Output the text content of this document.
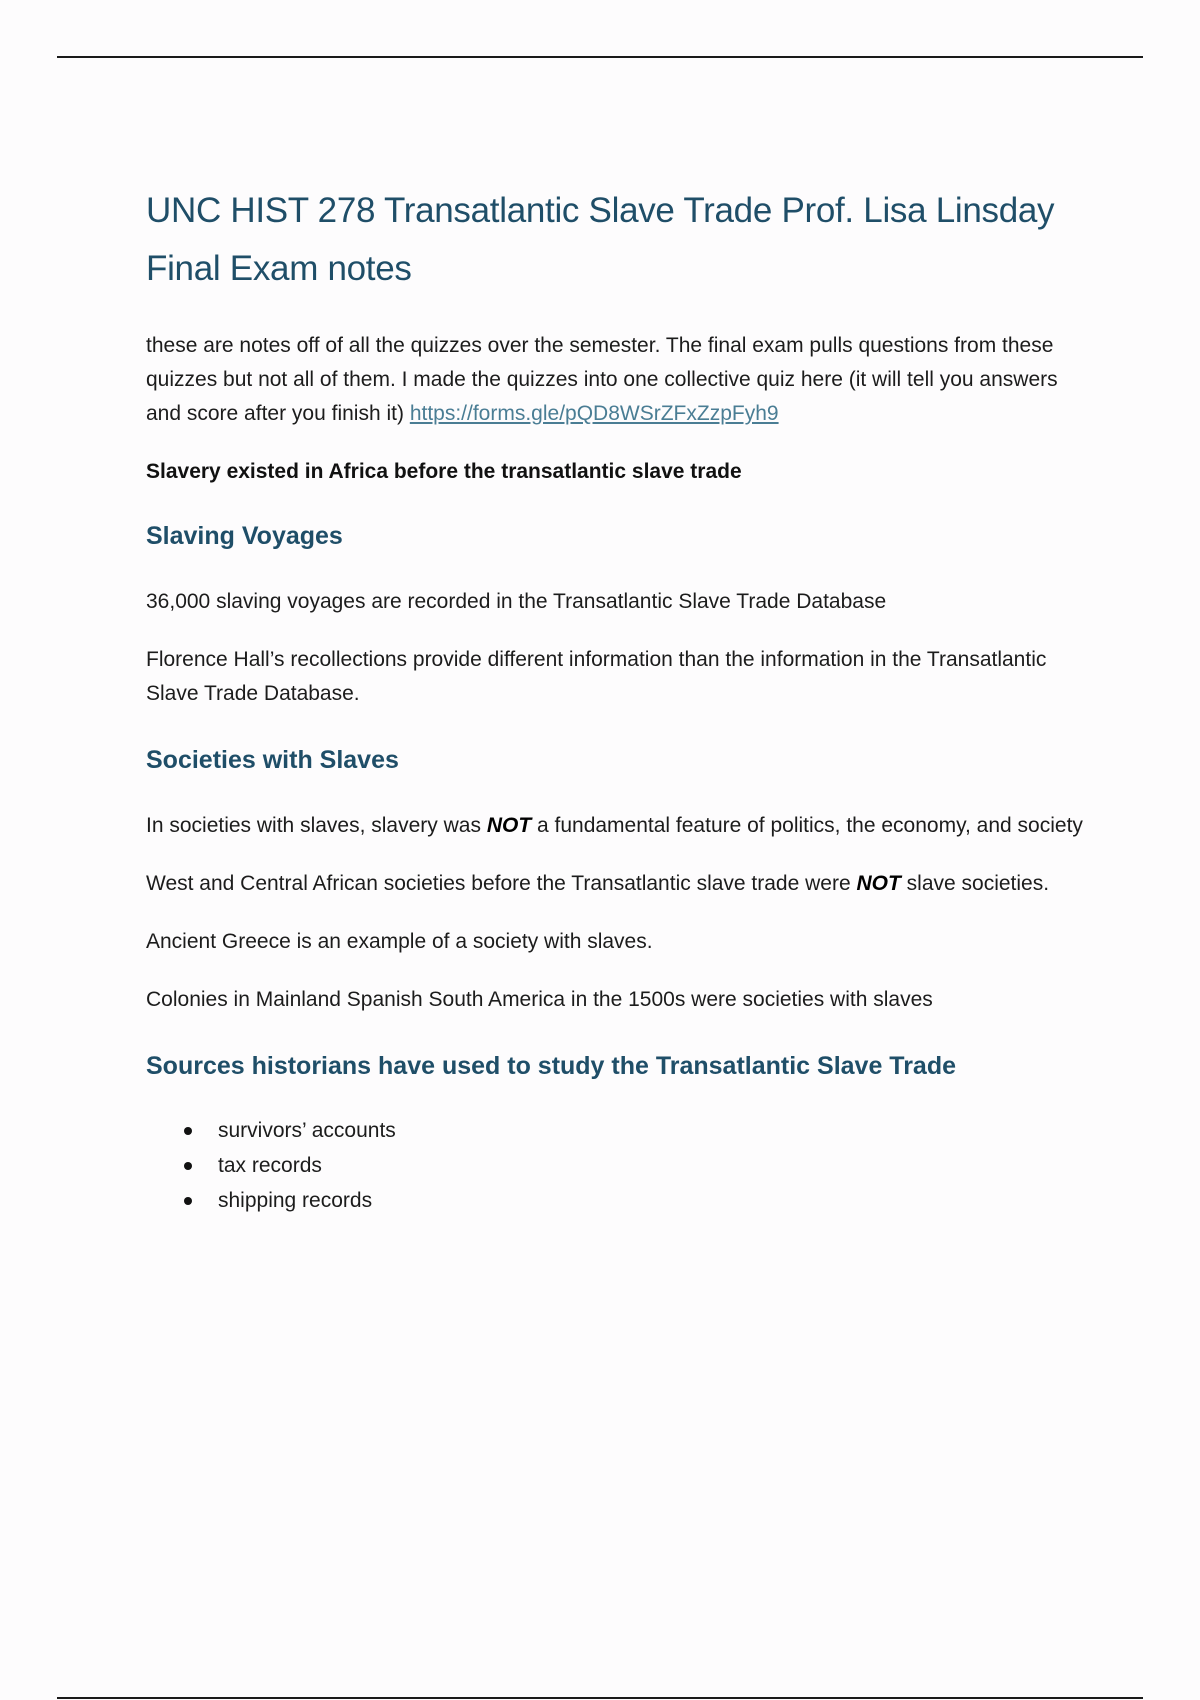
UNC HIST 278 Transatlantic Slave Trade Prof. Lisa Linsday Final Exam notes

these are notes off of all the quizzes over the semester. The final exam pulls questions from these quizzes but not all of them. I made the quizzes into one collective quiz here (it will tell you answers and score after you finish it) https://forms.gle/pQD8WSrZFxZzpFyh9

Slavery existed in Africa before the transatlantic slave trade

Slaving Voyages

36,000 slaving voyages are recorded in the Transatlantic Slave Trade Database

Florence Hall’s recollections provide different information than the information in the Transatlantic Slave Trade Database.

Societies with Slaves

In societies with slaves, slavery was NOT a fundamental feature of politics, the economy, and society

West and Central African societies before the Transatlantic slave trade were NOT slave societies.

Ancient Greece is an example of a society with slaves.

Colonies in Mainland Spanish South America in the 1500s were societies with slaves

Sources historians have used to study the Transatlantic Slave Trade
survivors’ accounts
tax records
shipping records
